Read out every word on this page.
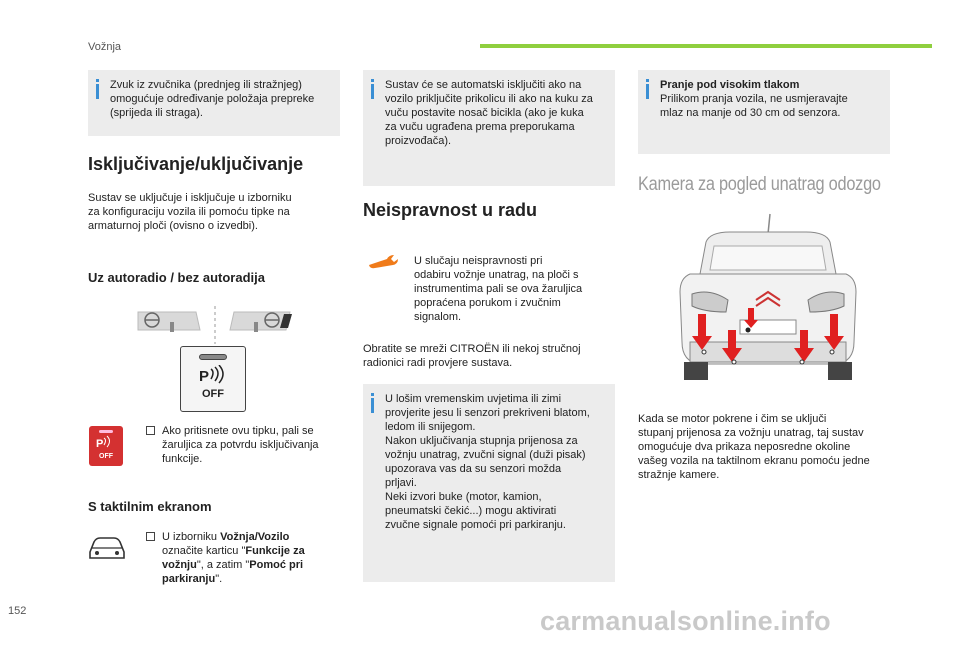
Vožnja

Zvuk iz zvučnika (prednjeg ili stražnjeg)
omogućuje određivanje položaja prepreke
(sprijeda ili straga).

Isključivanje/uključivanje
Sustav se uključuje i isključuje u izborniku
za konfiguraciju vozila ili pomoću tipke na
armaturnoj ploči (ovisno o izvedbi).
Uz autoradio / bez autoradija
P
OFF
P
OFF
Ako pritisnete ovu tipku, pali se
žaruljica za potvrdu isključivanja
funkcije.
S taktilnim ekranom
U izborniku Vožnja/Vozilo
označite karticu "Funkcije za vožnju", a zatim "Pomoć pri parkiranju".

Sustav će se automatski isključiti ako na
vozilo priključite prikolicu ili ako na kuku za
vuču postavite nosač bicikla (ako je kuka
za vuču ugrađena prema preporukama
proizvođača).

Neispravnost u radu
U slučaju neispravnosti pri
odabiru vožnje unatrag, na ploči s
instrumentima pali se ova žaruljica
popraćena porukom i zvučnim
signalom.
Obratite se mreži CITROËN ili nekoj stručnoj
radionici radi provjere sustava.

U lošim vremenskim uvjetima ili zimi
provjerite jesu li senzori prekriveni blatom,
ledom ili snijegom.
Nakon uključivanja stupnja prijenosa za
vožnju unatrag, zvučni signal (duži pisak)
upozorava vas da su senzori možda
prljavi.
Neki izvori buke (motor, kamion,
pneumatski čekić...) mogu aktivirati
zvučne signale pomoći pri parkiranju.

Pranje pod visokim tlakom

Prilikom pranja vozila, ne usmjeravajte
mlaz na manje od 30 cm od senzora.

Kamera za pogled unatrag odozgo
Kada se motor pokrene i čim se uključi
stupanj prijenosa za vožnju unatrag, taj sustav
omogućuje dva prikaza neposredne okoline
vašeg vozila na taktilnom ekranu pomoću jedne
stražnje kamere.
152	carmanualsonline.info
